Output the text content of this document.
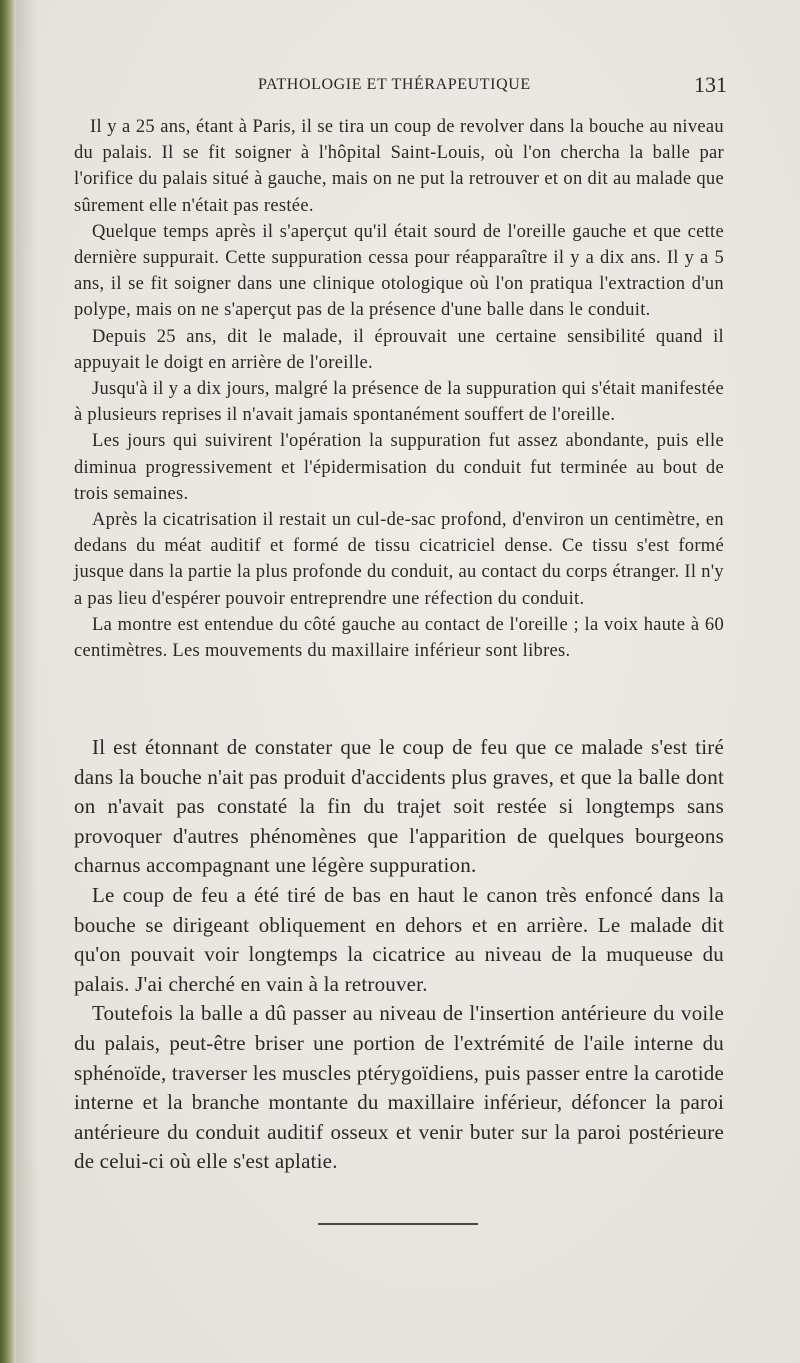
PATHOLOGIE ET THÉRAPEUTIQUE	131

Il y a 25 ans, étant à Paris, il se tira un coup de revolver dans la bouche au niveau du palais. Il se fit soigner à l'hôpital Saint-Louis, où l'on chercha la balle par l'orifice du palais situé à gauche, mais on ne put la retrouver et on dit au malade que sûrement elle n'était pas restée.

Quelque temps après il s'aperçut qu'il était sourd de l'oreille gauche et que cette dernière suppurait. Cette suppuration cessa pour réapparaître il y a dix ans. Il y a 5 ans, il se fit soigner dans une clinique otologique où l'on pratiqua l'extraction d'un polype, mais on ne s'aperçut pas de la présence d'une balle dans le conduit.

Depuis 25 ans, dit le malade, il éprouvait une certaine sensibilité quand il appuyait le doigt en arrière de l'oreille.

Jusqu'à il y a dix jours, malgré la présence de la suppuration qui s'était manifestée à plusieurs reprises il n'avait jamais spontanément souffert de l'oreille.

Les jours qui suivirent l'opération la suppuration fut assez abondante, puis elle diminua progressivement et l'épidermisation du conduit fut terminée au bout de trois semaines.

Après la cicatrisation il restait un cul-de-sac profond, d'environ un centimètre, en dedans du méat auditif et formé de tissu cicatriciel dense. Ce tissu s'est formé jusque dans la partie la plus profonde du conduit, au contact du corps étranger. Il n'y a pas lieu d'espérer pouvoir entreprendre une réfection du conduit.

La montre est entendue du côté gauche au contact de l'oreille ; la voix haute à 60 centimètres. Les mouvements du maxillaire inférieur sont libres.

Il est étonnant de constater que le coup de feu que ce malade s'est tiré dans la bouche n'ait pas produit d'accidents plus graves, et que la balle dont on n'avait pas constaté la fin du trajet soit restée si longtemps sans provoquer d'autres phénomènes que l'apparition de quelques bourgeons charnus accompagnant une légère suppuration.

Le coup de feu a été tiré de bas en haut le canon très enfoncé dans la bouche se dirigeant obliquement en dehors et en arrière. Le malade dit qu'on pouvait voir longtemps la cicatrice au niveau de la muqueuse du palais. J'ai cherché en vain à la retrouver.

Toutefois la balle a dû passer au niveau de l'insertion antérieure du voile du palais, peut-être briser une portion de l'extrémité de l'aile interne du sphénoïde, traverser les muscles ptérygoïdiens, puis passer entre la carotide interne et la branche montante du maxillaire inférieur, défoncer la paroi antérieure du conduit auditif osseux et venir buter sur la paroi postérieure de celui-ci où elle s'est aplatie.
